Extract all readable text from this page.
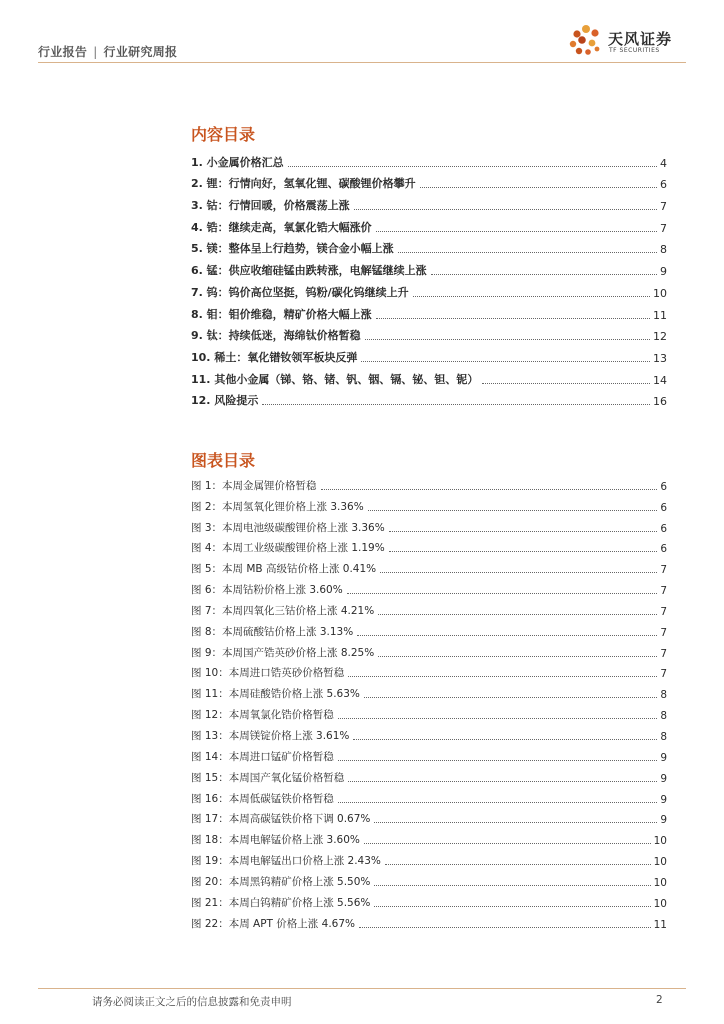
行业报告 | 行业研究周报
天风证券
TF SECURITIES
内容目录
1. 小金属价格汇总	4
2. 锂：行情向好，氢氧化锂、碳酸锂价格攀升	6
3. 钴：行情回暖，价格震荡上涨	7
4. 锆：继续走高，氧氯化锆大幅涨价	7
5. 镁：整体呈上行趋势，镁合金小幅上涨	8
6. 锰：供应收缩硅锰由跌转涨，电解锰继续上涨	9
7. 钨：钨价高位坚挺，钨粉/碳化钨继续上升	10
8. 钼：钼价维稳，精矿价格大幅上涨	11
9. 钛：持续低迷，海绵钛价格暂稳	12
10. 稀土：氧化镨钕领军板块反弹	13
11. 其他小金属（锑、铬、锗、钒、铟、镉、铋、钽、铌）	14
12. 风险提示	16
图表目录
图 1：本周金属锂价格暂稳	6
图 2：本周氢氧化锂价格上涨 3.36%	6
图 3：本周电池级碳酸锂价格上涨 3.36%	6
图 4：本周工业级碳酸锂价格上涨 1.19%	6
图 5：本周 MB 高级钴价格上涨 0.41%	7
图 6：本周钴粉价格上涨 3.60%	7
图 7：本周四氧化三钴价格上涨 4.21%	7
图 8：本周硫酸钴价格上涨 3.13%	7
图 9：本周国产锆英砂价格上涨 8.25%	7
图 10：本周进口锆英砂价格暂稳	7
图 11：本周硅酸锆价格上涨 5.63%	8
图 12：本周氧氯化锆价格暂稳	8
图 13：本周镁锭价格上涨 3.61%	8
图 14：本周进口锰矿价格暂稳	9
图 15：本周国产氧化锰价格暂稳	9
图 16：本周低碳锰铁价格暂稳	9
图 17：本周高碳锰铁价格下调 0.67%	9
图 18：本周电解锰价格上涨 3.60%	10
图 19：本周电解锰出口价格上涨 2.43%	10
图 20：本周黑钨精矿价格上涨 5.50%	10
图 21：本周白钨精矿价格上涨 5.56%	10
图 22：本周 APT 价格上涨 4.67%	11
请务必阅读正文之后的信息披露和免责申明	2
